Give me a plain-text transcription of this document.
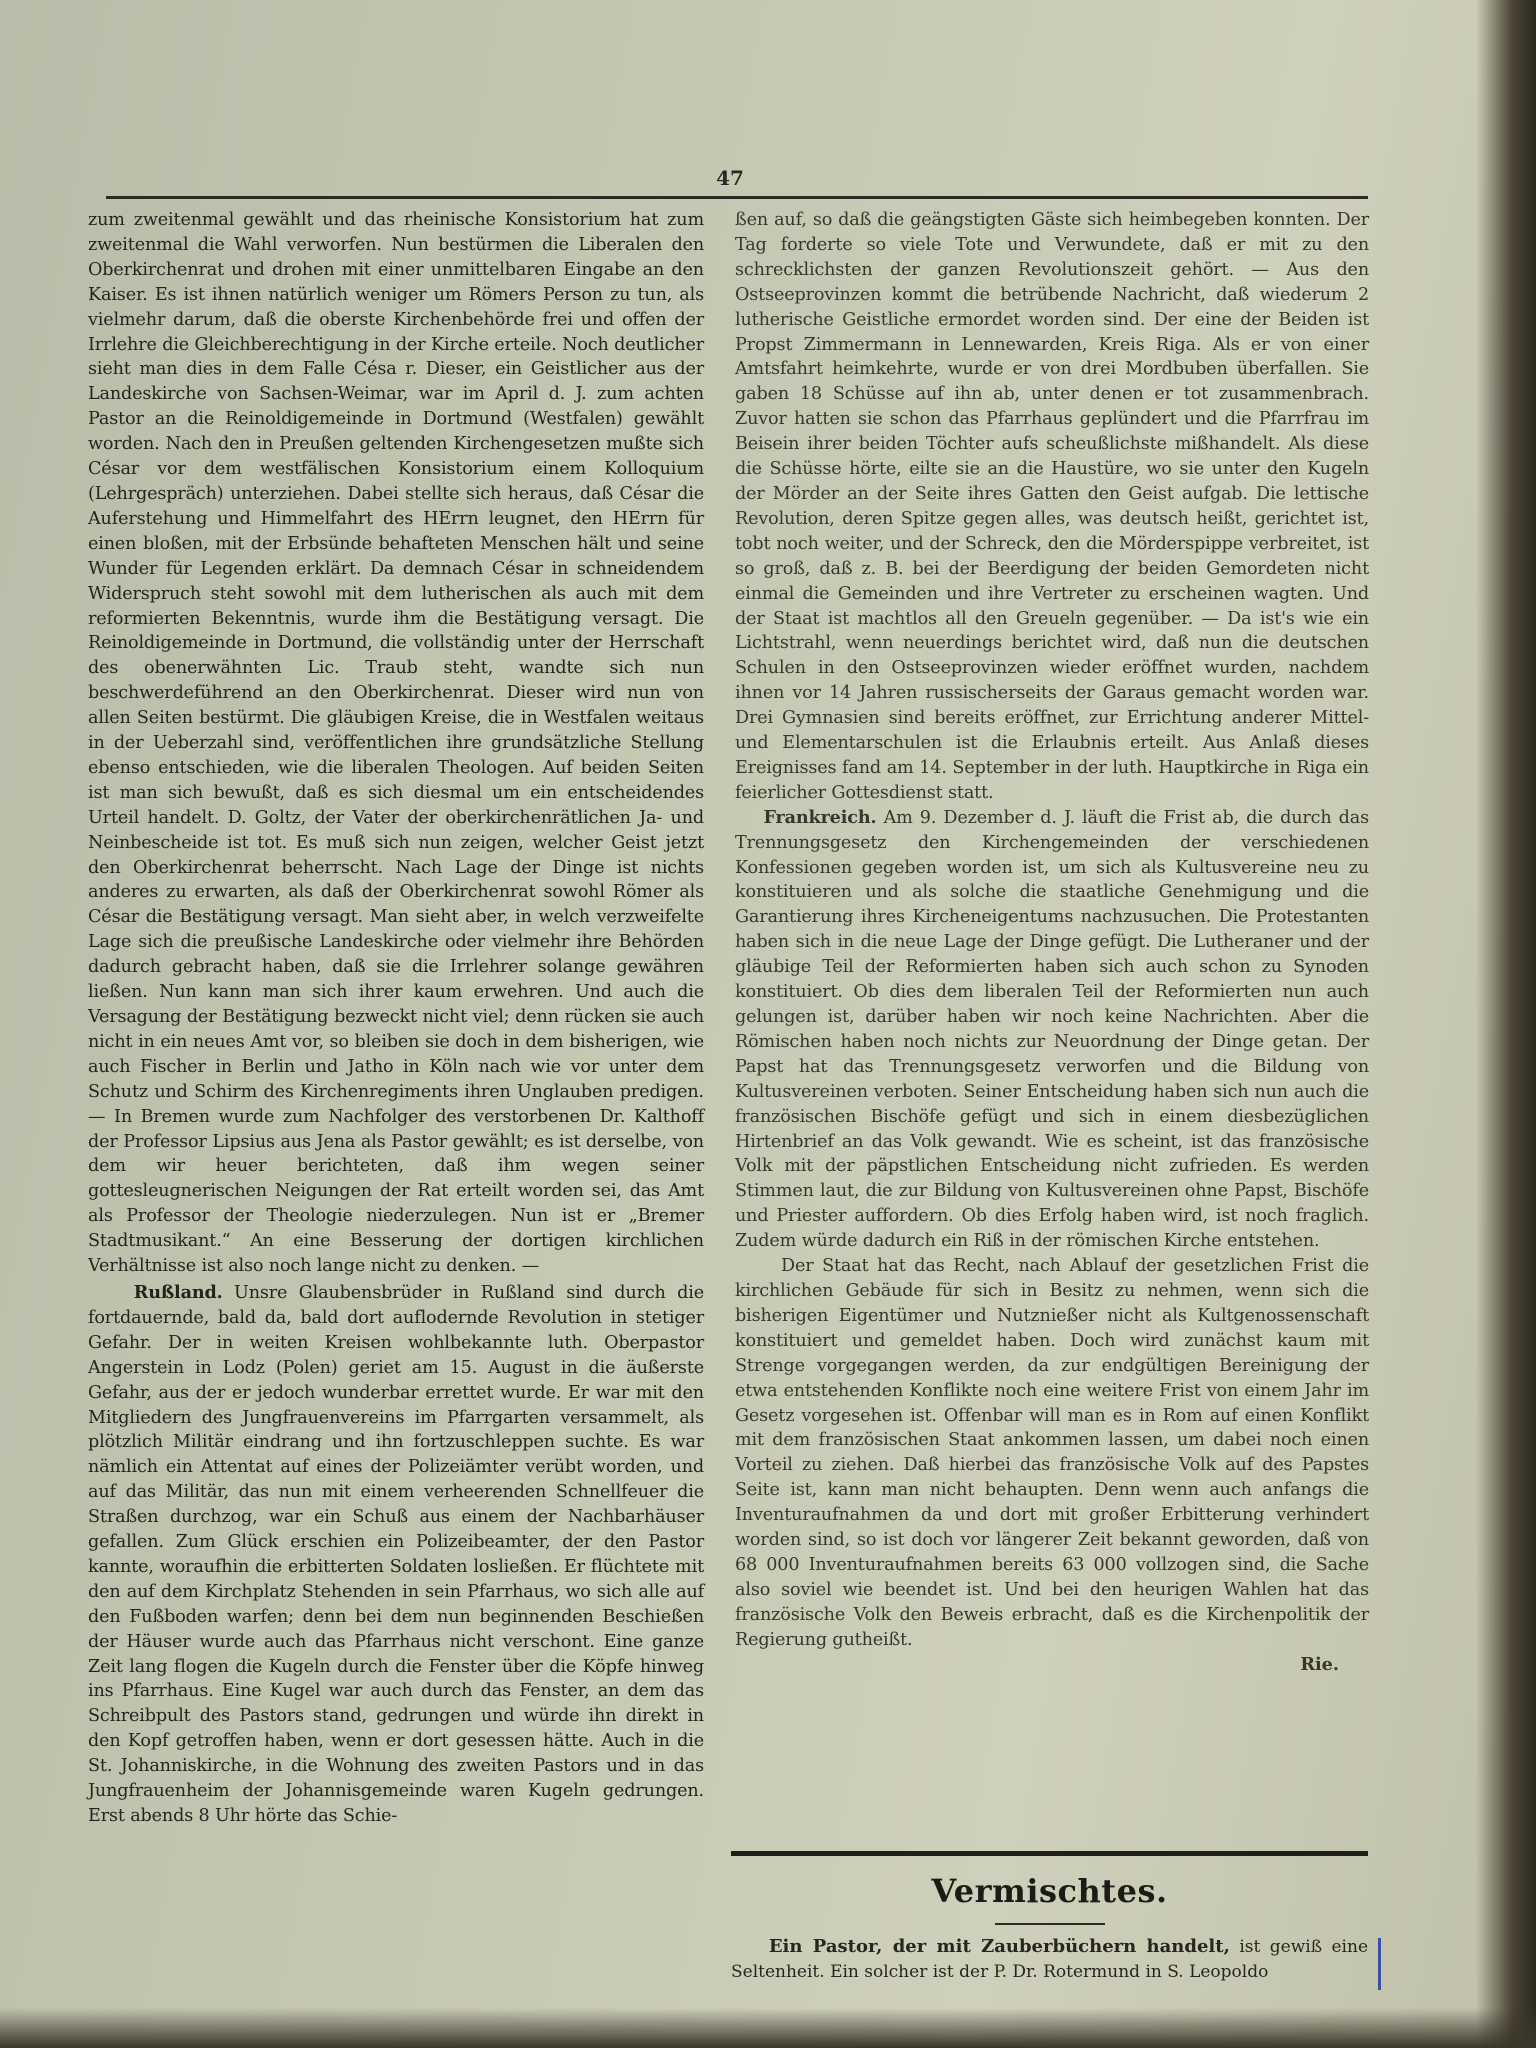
47

zum zweitenmal gewählt und das rheinische Konsistorium hat zum zweitenmal die Wahl verworfen. Nun bestürmen die Liberalen den Oberkirchenrat und drohen mit einer unmittelbaren Eingabe an den Kaiser. Es ist ihnen natürlich weniger um Römers Person zu tun, als vielmehr darum, daß die oberste Kirchenbehörde frei und offen der Irrlehre die Gleichberechtigung in der Kirche erteile. Noch deutlicher sieht man dies in dem Falle Césa r. Dieser, ein Geistlicher aus der Landeskirche von Sachsen-Weimar, war im April d. J. zum achten Pastor an die Reinoldigemeinde in Dortmund (Westfalen) gewählt worden. Nach den in Preußen geltenden Kirchengesetzen mußte sich César vor dem westfälischen Konsistorium einem Kolloquium (Lehrgespräch) unterziehen. Dabei stellte sich heraus, daß César die Auferstehung und Himmelfahrt des HErrn leugnet, den HErrn für einen bloßen, mit der Erbsünde behafteten Menschen hält und seine Wunder für Legenden erklärt. Da demnach César in schneidendem Widerspruch steht sowohl mit dem lutherischen als auch mit dem reformierten Bekenntnis, wurde ihm die Bestätigung versagt. Die Reinoldigemeinde in Dortmund, die vollständig unter der Herrschaft des obenerwähnten Lic. Traub steht, wandte sich nun beschwerdeführend an den Oberkirchenrat. Dieser wird nun von allen Seiten bestürmt. Die gläubigen Kreise, die in Westfalen weitaus in der Ueberzahl sind, veröffentlichen ihre grundsätzliche Stellung ebenso entschieden, wie die liberalen Theologen. Auf beiden Seiten ist man sich bewußt, daß es sich diesmal um ein entscheidendes Urteil handelt. D. Goltz, der Vater der oberkirchenrätlichen Ja- und Neinbescheide ist tot. Es muß sich nun zeigen, welcher Geist jetzt den Oberkirchenrat beherrscht. Nach Lage der Dinge ist nichts anderes zu erwarten, als daß der Oberkirchenrat sowohl Römer als César die Bestätigung versagt. Man sieht aber, in welch verzweifelte Lage sich die preußische Landeskirche oder vielmehr ihre Behörden dadurch gebracht haben, daß sie die Irrlehrer solange gewähren ließen. Nun kann man sich ihrer kaum erwehren. Und auch die Versagung der Bestätigung bezweckt nicht viel; denn rücken sie auch nicht in ein neues Amt vor, so bleiben sie doch in dem bisherigen, wie auch Fischer in Berlin und Jatho in Köln nach wie vor unter dem Schutz und Schirm des Kirchenregiments ihren Unglauben predigen. — In Bremen wurde zum Nachfolger des verstorbenen Dr. Kalthoff der Professor Lipsius aus Jena als Pastor gewählt; es ist derselbe, von dem wir heuer berichteten, daß ihm wegen seiner gottesleugnerischen Neigungen der Rat erteilt worden sei, das Amt als Professor der Theologie niederzulegen. Nun ist er „Bremer Stadtmusikant.“ An eine Besserung der dortigen kirchlichen Verhältnisse ist also noch lange nicht zu denken. —

Rußland. Unsre Glaubensbrüder in Rußland sind durch die fortdauernde, bald da, bald dort auflodernde Revolution in stetiger Gefahr. Der in weiten Kreisen wohlbekannte luth. Oberpastor Angerstein in Lodz (Polen) geriet am 15. August in die äußerste Gefahr, aus der er jedoch wunderbar errettet wurde. Er war mit den Mitgliedern des Jungfrauenvereins im Pfarrgarten versammelt, als plötzlich Militär eindrang und ihn fortzuschleppen suchte. Es war nämlich ein Attentat auf eines der Polizeiämter verübt worden, und auf das Militär, das nun mit einem verheerenden Schnellfeuer die Straßen durchzog, war ein Schuß aus einem der Nachbarhäuser gefallen. Zum Glück erschien ein Polizeibeamter, der den Pastor kannte, woraufhin die erbitterten Soldaten losließen. Er flüchtete mit den auf dem Kirchplatz Stehenden in sein Pfarrhaus, wo sich alle auf den Fußboden warfen; denn bei dem nun beginnenden Beschießen der Häuser wurde auch das Pfarrhaus nicht verschont. Eine ganze Zeit lang flogen die Kugeln durch die Fenster über die Köpfe hinweg ins Pfarrhaus. Eine Kugel war auch durch das Fenster, an dem das Schreibpult des Pastors stand, gedrungen und würde ihn direkt in den Kopf getroffen haben, wenn er dort gesessen hätte. Auch in die St. Johanniskirche, in die Wohnung des zweiten Pastors und in das Jungfrauenheim der Johannisgemeinde waren Kugeln gedrungen. Erst abends 8 Uhr hörte das Schie-

ßen auf, so daß die geängstigten Gäste sich heimbegeben konnten. Der Tag forderte so viele Tote und Verwundete, daß er mit zu den schrecklichsten der ganzen Revolutionszeit gehört. — Aus den Ostseeprovinzen kommt die betrübende Nachricht, daß wiederum 2 lutherische Geistliche ermordet worden sind. Der eine der Beiden ist Propst Zimmermann in Lennewarden, Kreis Riga. Als er von einer Amtsfahrt heimkehrte, wurde er von drei Mordbuben überfallen. Sie gaben 18 Schüsse auf ihn ab, unter denen er tot zusammenbrach. Zuvor hatten sie schon das Pfarrhaus geplündert und die Pfarrfrau im Beisein ihrer beiden Töchter aufs scheußlichste mißhandelt. Als diese die Schüsse hörte, eilte sie an die Haustüre, wo sie unter den Kugeln der Mörder an der Seite ihres Gatten den Geist aufgab. Die lettische Revolution, deren Spitze gegen alles, was deutsch heißt, gerichtet ist, tobt noch weiter, und der Schreck, den die Mörderspippe verbreitet, ist so groß, daß z. B. bei der Beerdigung der beiden Gemordeten nicht einmal die Gemeinden und ihre Vertreter zu erscheinen wagten. Und der Staat ist machtlos all den Greueln gegenüber. — Da ist's wie ein Lichtstrahl, wenn neuerdings berichtet wird, daß nun die deutschen Schulen in den Ostseeprovinzen wieder eröffnet wurden, nachdem ihnen vor 14 Jahren russischerseits der Garaus gemacht worden war. Drei Gymnasien sind bereits eröffnet, zur Errichtung anderer Mittel- und Elementarschulen ist die Erlaubnis erteilt. Aus Anlaß dieses Ereignisses fand am 14. September in der luth. Hauptkirche in Riga ein feierlicher Gottesdienst statt.

Frankreich. Am 9. Dezember d. J. läuft die Frist ab, die durch das Trennungsgesetz den Kirchengemeinden der verschiedenen Konfessionen gegeben worden ist, um sich als Kultusvereine neu zu konstituieren und als solche die staatliche Genehmigung und die Garantierung ihres Kircheneigentums nachzusuchen. Die Protestanten haben sich in die neue Lage der Dinge gefügt. Die Lutheraner und der gläubige Teil der Reformierten haben sich auch schon zu Synoden konstituiert. Ob dies dem liberalen Teil der Reformierten nun auch gelungen ist, darüber haben wir noch keine Nachrichten. Aber die Römischen haben noch nichts zur Neuordnung der Dinge getan. Der Papst hat das Trennungsgesetz verworfen und die Bildung von Kultusvereinen verboten. Seiner Entscheidung haben sich nun auch die französischen Bischöfe gefügt und sich in einem diesbezüglichen Hirtenbrief an das Volk gewandt. Wie es scheint, ist das französische Volk mit der päpstlichen Entscheidung nicht zufrieden. Es werden Stimmen laut, die zur Bildung von Kultusvereinen ohne Papst, Bischöfe und Priester auffordern. Ob dies Erfolg haben wird, ist noch fraglich. Zudem würde dadurch ein Riß in der römischen Kirche entstehen.

Der Staat hat das Recht, nach Ablauf der gesetzlichen Frist die kirchlichen Gebäude für sich in Besitz zu nehmen, wenn sich die bisherigen Eigentümer und Nutznießer nicht als Kultgenossenschaft konstituiert und gemeldet haben. Doch wird zunächst kaum mit Strenge vorgegangen werden, da zur endgültigen Bereinigung der etwa entstehenden Konflikte noch eine weitere Frist von einem Jahr im Gesetz vorgesehen ist. Offenbar will man es in Rom auf einen Konflikt mit dem französischen Staat ankommen lassen, um dabei noch einen Vorteil zu ziehen. Daß hierbei das französische Volk auf des Papstes Seite ist, kann man nicht behaupten. Denn wenn auch anfangs die Inventuraufnahmen da und dort mit großer Erbitterung verhindert worden sind, so ist doch vor längerer Zeit bekannt geworden, daß von 68 000 Inventuraufnahmen bereits 63 000 vollzogen sind, die Sache also soviel wie beendet ist. Und bei den heurigen Wahlen hat das französische Volk den Beweis erbracht, daß es die Kirchenpolitik der Regierung gutheißt.

Rie.
Vermischtes.
Ein Pastor, der mit Zauberbüchern handelt, ist gewiß eine Seltenheit. Ein solcher ist der P. Dr. Rotermund in S. Leopoldo
